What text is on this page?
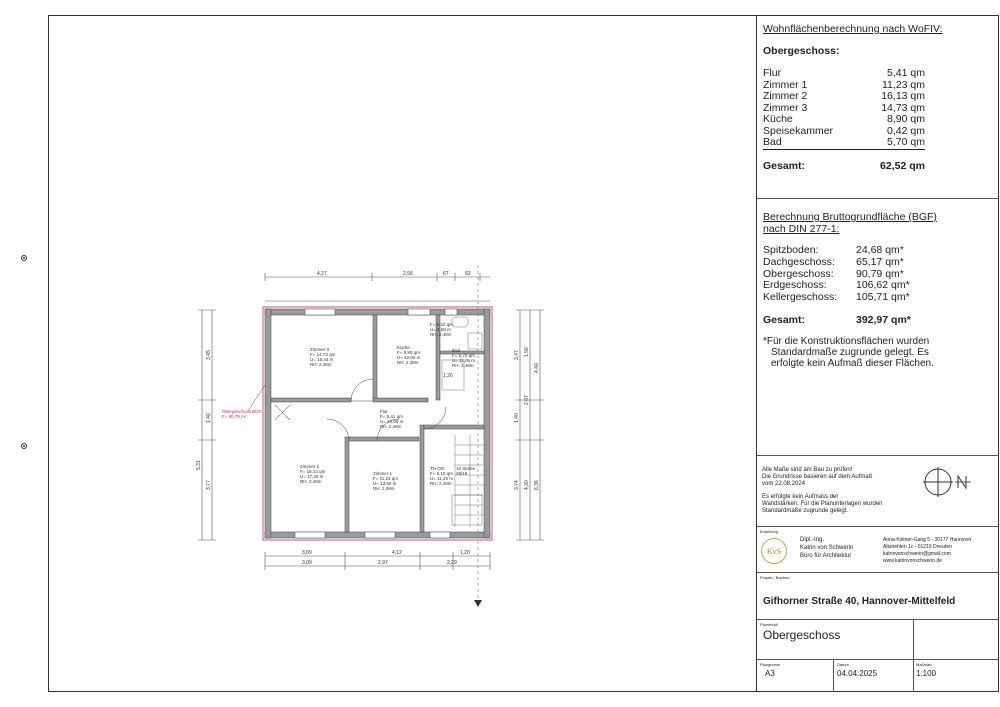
4,27	2,56	67	82
3,09	4,12	1,20
3,09	2,97	2,29
1,26
3,45
1,40
3,77
5,31
3,47
1,40
3,74
4,40
6,36
1,56
2,07
4,30
Obergeschoss BGF
F= 90,79 m²
Zimmer 3
F= 14,73 qm
U= 15,44 m
RH: 2,48m
Küche
F= 8,90 qm
U= 12,06 m
RH: 2,48m
F= 0,42 qm
U= 2,68 m
RH: 2,48m
Bad
F= 5,70 qm
U= 11,06 m
RH: 2,48m
Flur
F= 5,41 qm
U= 10,06 m
RH: 2,48m
Zimmer 2
F= 16,13 qm
U= 17,40 m
RH: 2,48m
Zimmer 1
F= 11,23 qm
U= 13,50 m
RH: 2,48m
TH OG
F= 5,10 qm
U= 11,29 m
RH: 2,49m
16 Stufen
29/19
Wohnflächenberechnung nach WoFIV:
Obergeschoss:
Flur	5,41 qm
Zimmer 1	11,23 qm
Zimmer 2	16,13 qm
Zimmer 3	14,73 qm
Küche	8,90 qm
Speisekammer	0,42 qm
Bad	5,70 qm
Gesamt:	62,52 qm
Berechnung Bruttogrundfläche (BGF)
nach DIN 277-1:
Spitzboden:	24,68 qm*
Dachgeschoss:	65,17 qm*
Obergeschoss:	90,79 qm*
Erdgeschoss:	106,62 qm*
Kellergeschoss:	105,71 qm*
Gesamt:	392,97 qm*
*Für die Konstruktionsflächen wurden
Standardmaße zugrunde gelegt. Es
erfolgte kein Aufmaß dieser Flächen.
Alle Maße sind am Bau zu prüfen!
Die Grundrisse basieren auf dem Aufmaß
vom 22.08.2024
Es erfolgte kein Aufmass der
Wandstärken. Für die Planunterlagen wurden
Standardmaße zugrunde gelegt.
Erstellung
KvS
Dipl.-Ing.
Katrin von Schwerin
Büro für Architektur
Anna-Kistner-Gang 5 - 30177 Hannover
Altstrehlen 1c - 01219 Dresden
katrinvonschwerin@gmail.com
www.katrinvonschwerin.de
Projekt / Bauherr
Gifhorner Straße 40, Hannover-Mittelfeld
Planinhalt
Obergeschoss
Plangrenze
A3
Datum
04.04.2025
Maßstab
1:100
